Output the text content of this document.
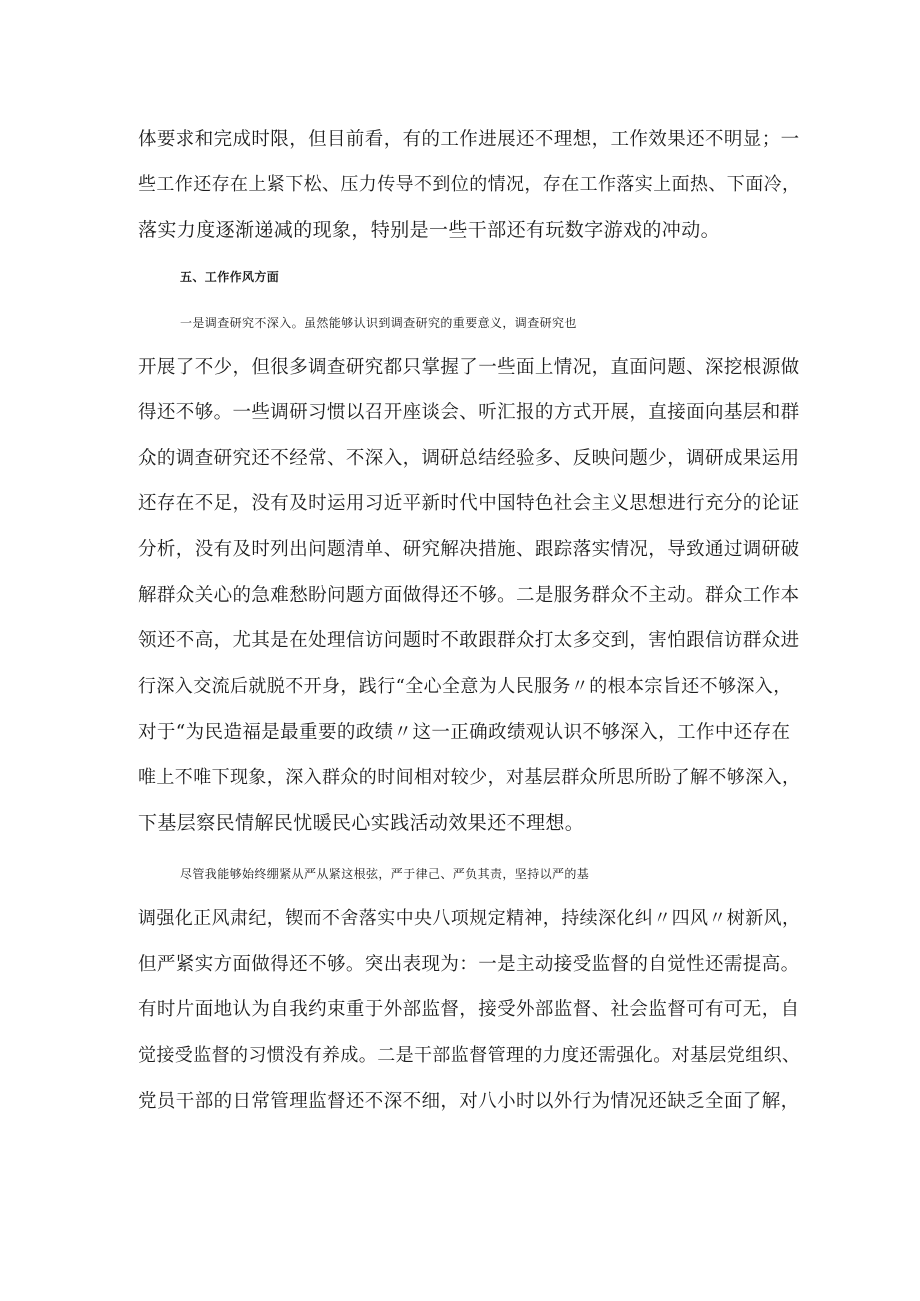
体要求和完成时限，但目前看，有的工作进展还不理想，工作效果还不明显；一
些工作还存在上紧下松、压力传导不到位的情况，存在工作落实上面热、下面冷，
落实力度逐渐递减的现象，特别是一些干部还有玩数字游戏的冲动。
五、工作作风方面
一是调查研究不深入。虽然能够认识到调查研究的重要意义，调查研究也
开展了不少，但很多调查研究都只掌握了一些面上情况，直面问题、深挖根源做
得还不够。一些调研习惯以召开座谈会、听汇报的方式开展，直接面向基层和群
众的调查研究还不经常、不深入，调研总结经验多、反映问题少，调研成果运用
还存在不足，没有及时运用习近平新时代中国特色社会主义思想进行充分的论证
分析，没有及时列出问题清单、研究解决措施、跟踪落实情况，导致通过调研破
解群众关心的急难愁盼问题方面做得还不够。二是服务群众不主动。群众工作本
领还不高，尤其是在处理信访问题时不敢跟群众打太多交到，害怕跟信访群众进
行深入交流后就脱不开身，践行“全心全意为人民服务〃的根本宗旨还不够深入，
对于“为民造福是最重要的政绩〃这一正确政绩观认识不够深入，工作中还存在
唯上不唯下现象，深入群众的时间相对较少，对基层群众所思所盼了解不够深入，
下基层察民情解民忧暖民心实践活动效果还不理想。
尽管我能够始终绷紧从严从紧这根弦，严于律己、严负其责，坚持以严的基
调强化正风肃纪，锲而不舍落实中央八项规定精神，持续深化纠〃四风〃树新风，
但严紧实方面做得还不够。突出表现为：一是主动接受监督的自觉性还需提高。
有时片面地认为自我约束重于外部监督，接受外部监督、社会监督可有可无，自
觉接受监督的习惯没有养成。二是干部监督管理的力度还需强化。对基层党组织、
党员干部的日常管理监督还不深不细，对八小时以外行为情况还缺乏全面了解，
